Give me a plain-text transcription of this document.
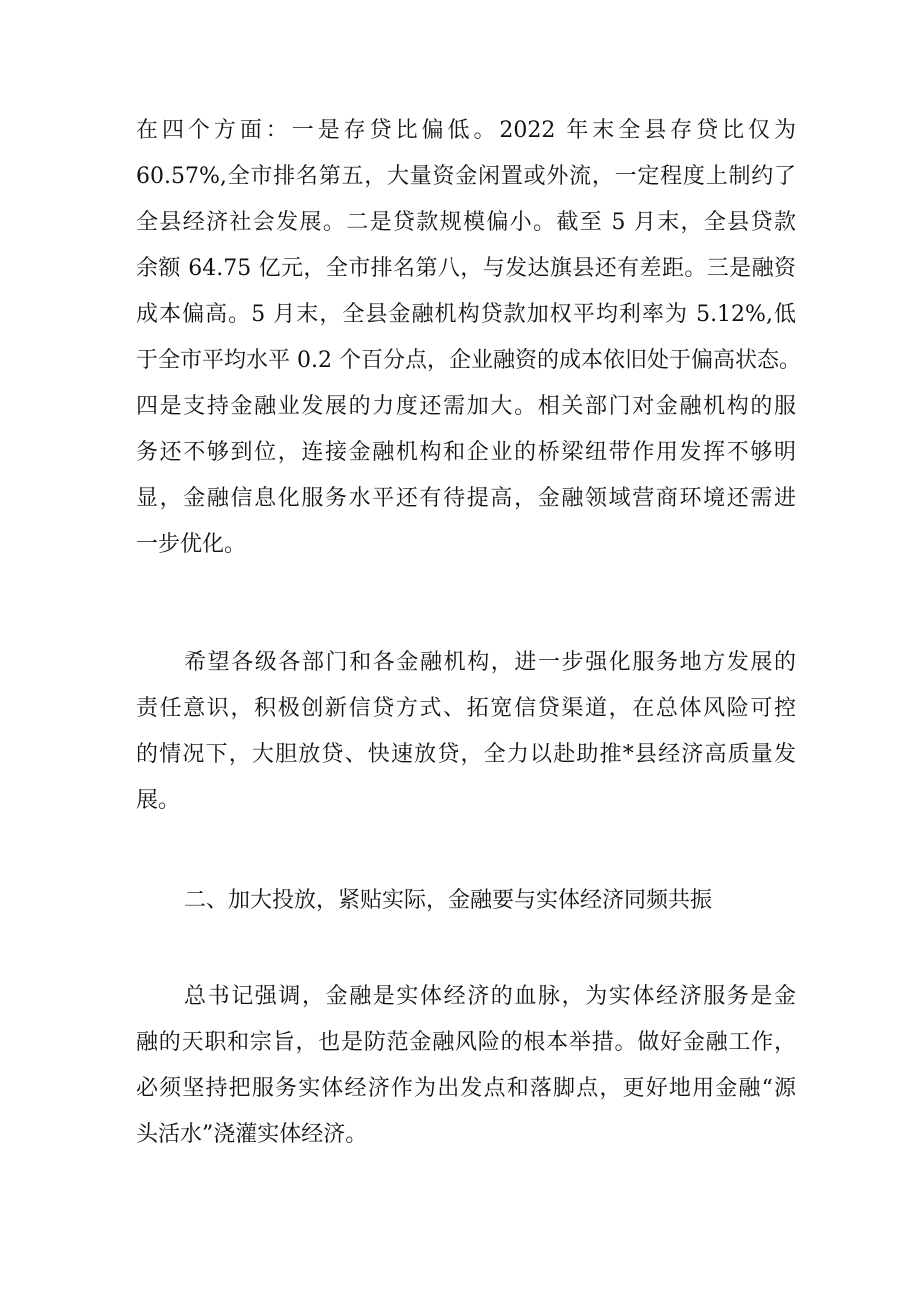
在四个方面：一是存贷比偏低。2022 年末全县存贷比仅为
60.57%,全市排名第五，大量资金闲置或外流，一定程度上制约了
全县经济社会发展。二是贷款规模偏小。截至 5 月末，全县贷款
余额 64.75 亿元，全市排名第八，与发达旗县还有差距。三是融资
成本偏高。5 月末，全县金融机构贷款加权平均利率为 5.12%,低
于全市平均水平 0.2 个百分点，企业融资的成本依旧处于偏高状态。
四是支持金融业发展的力度还需加大。相关部门对金融机构的服
务还不够到位，连接金融机构和企业的桥梁纽带作用发挥不够明
显，金融信息化服务水平还有待提高，金融领域营商环境还需进
一步优化。
希望各级各部门和各金融机构，进一步强化服务地方发展的
责任意识，积极创新信贷方式、拓宽信贷渠道，在总体风险可控
的情况下，大胆放贷、快速放贷，全力以赴助推*县经济高质量发
展。
二、加大投放，紧贴实际，金融要与实体经济同频共振
总书记强调，金融是实体经济的血脉，为实体经济服务是金
融的天职和宗旨，也是防范金融风险的根本举措。做好金融工作，
必须坚持把服务实体经济作为出发点和落脚点，更好地用金融“源
头活水”浇灌实体经济。
